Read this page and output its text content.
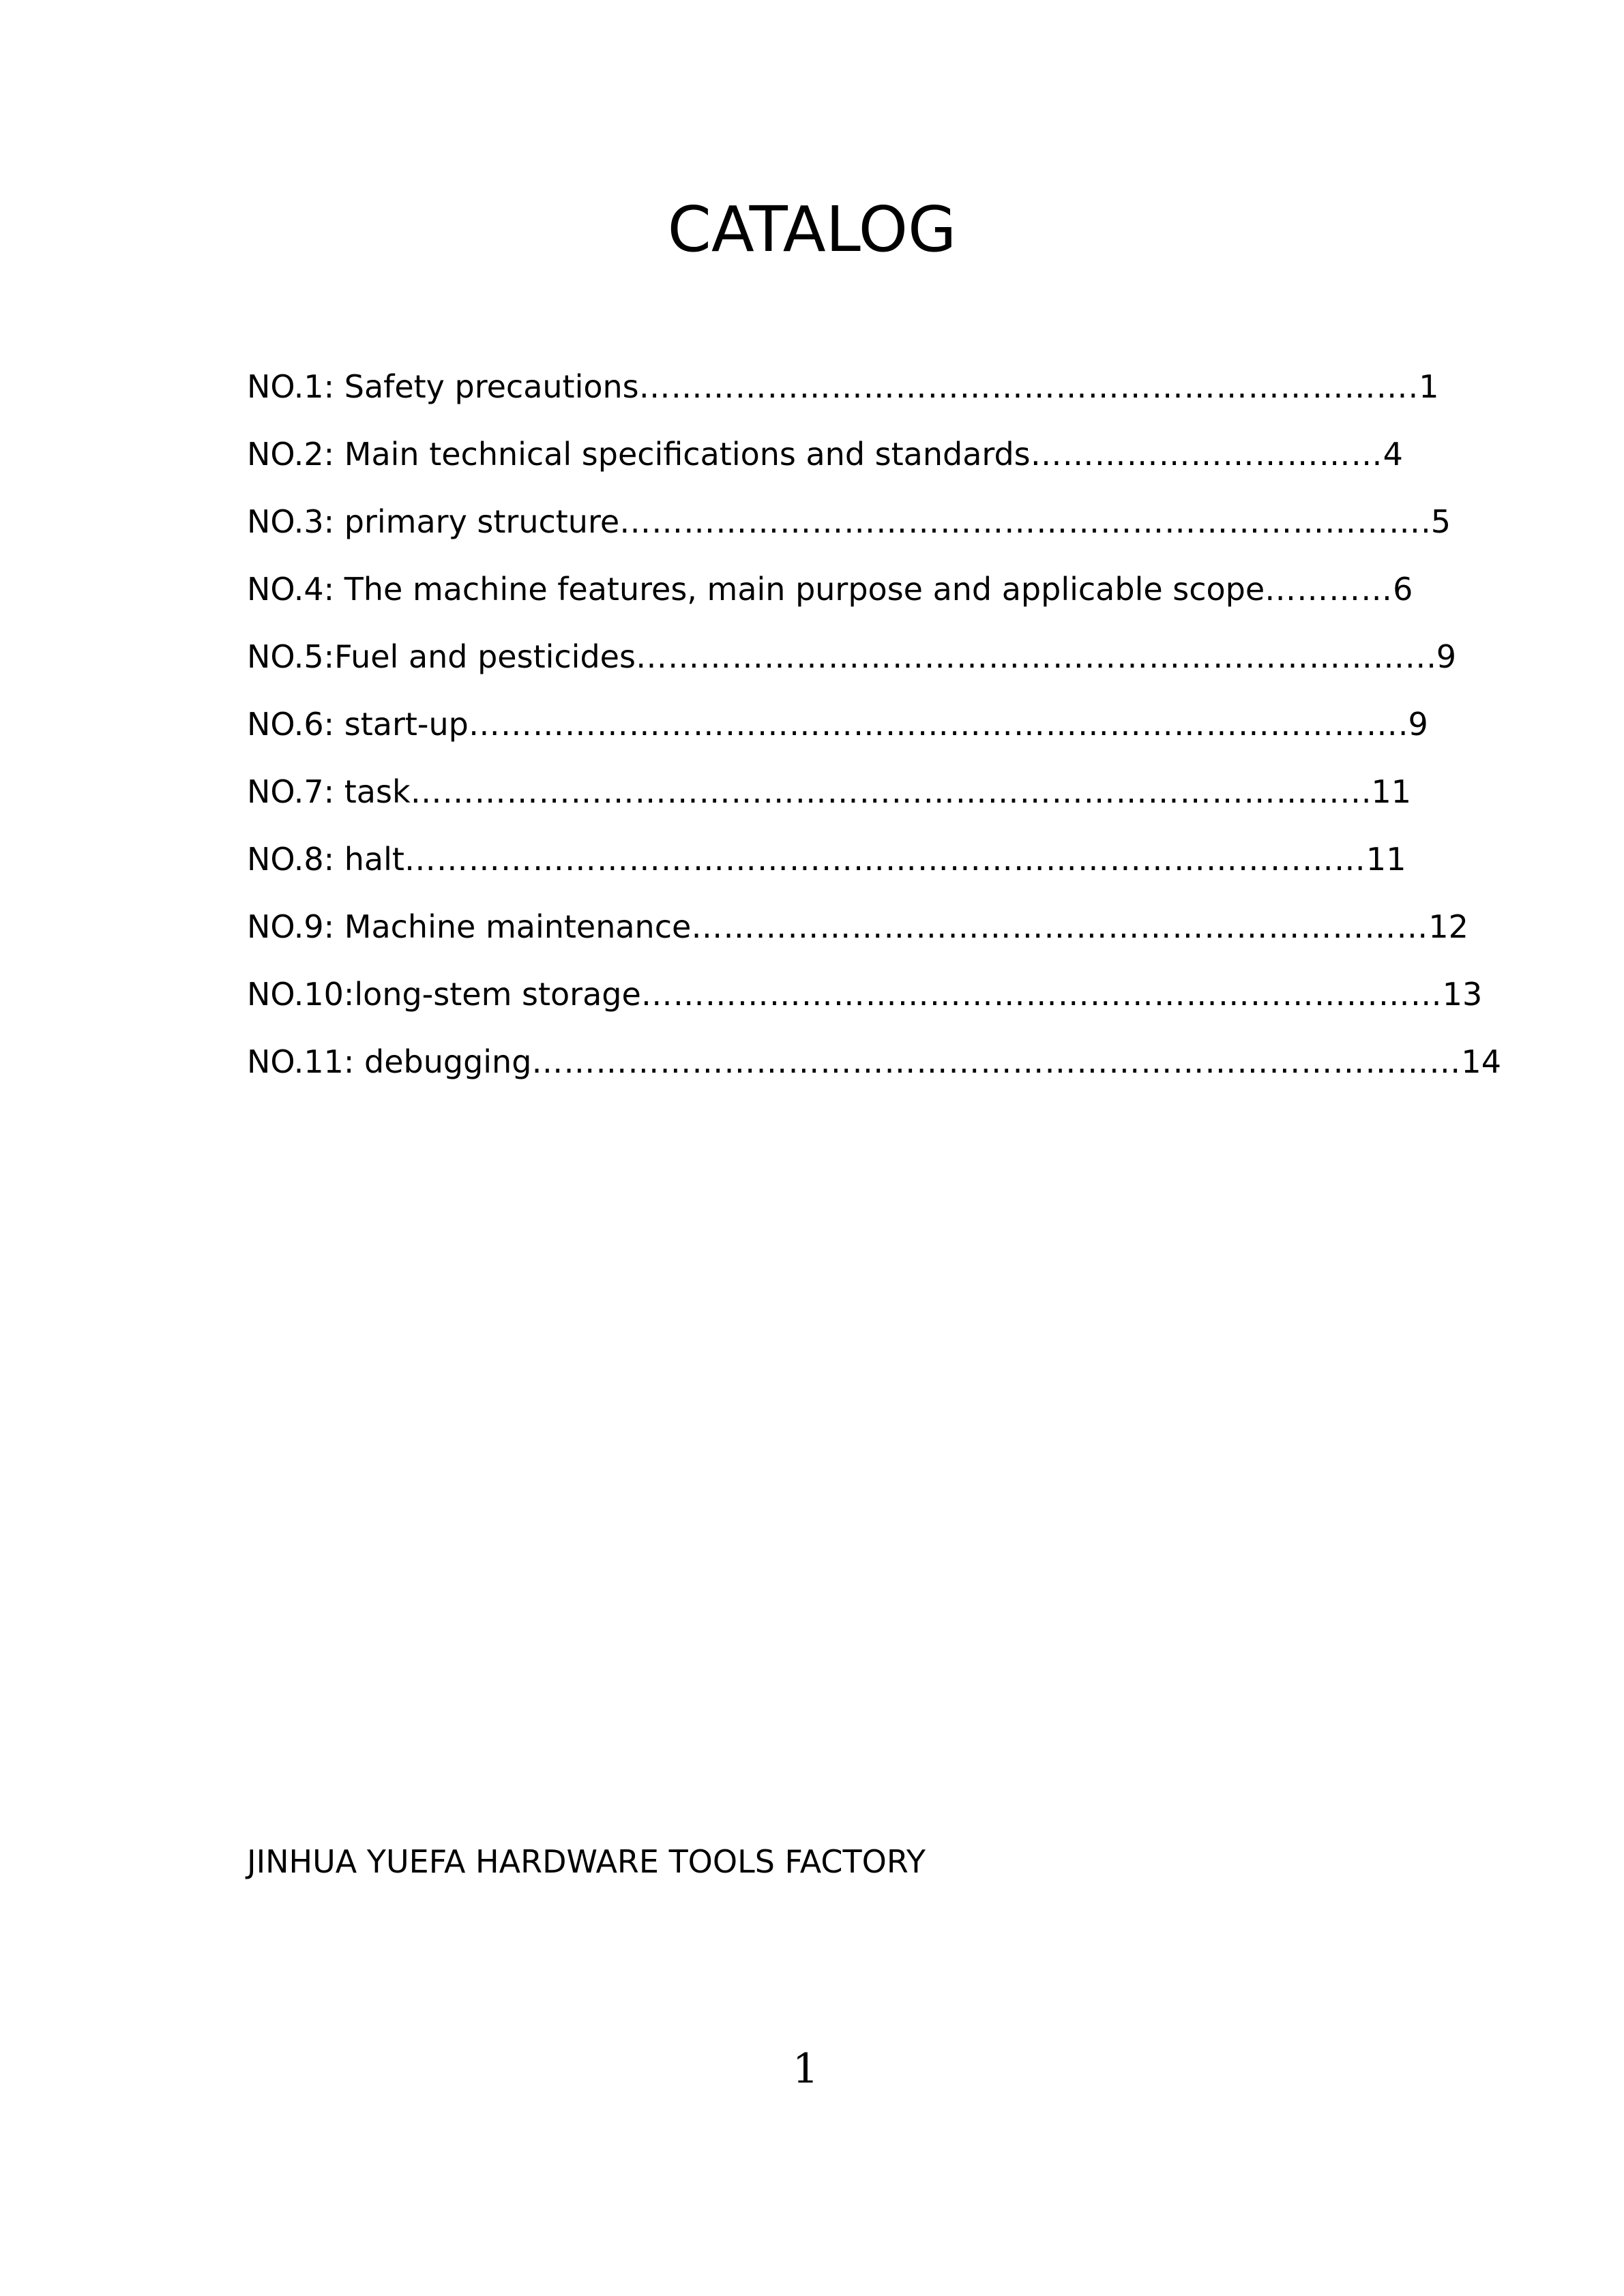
CATALOG
NO.1: Safety precautions……………………………………………………………….1
NO.2: Main technical specifications and standards……………………………4
NO.3: primary structure………………………………………………………………….5
NO.4: The machine features, main purpose and applicable scope…………6
NO.5:Fuel and pesticides………………………………………………………………...9
NO.6: start-up…………………………………………………………………………….9
NO.7: task……………………………………………………………………………...11
NO.8: halt………………………………………………………………………………11
NO.9: Machine maintenance……………………………………………………………12
NO.10:long-stem storage…………………………………………………………………13
NO.11: debugging……………………………………………………………………………14
JINHUA YUEFA HARDWARE TOOLS FACTORY
1
